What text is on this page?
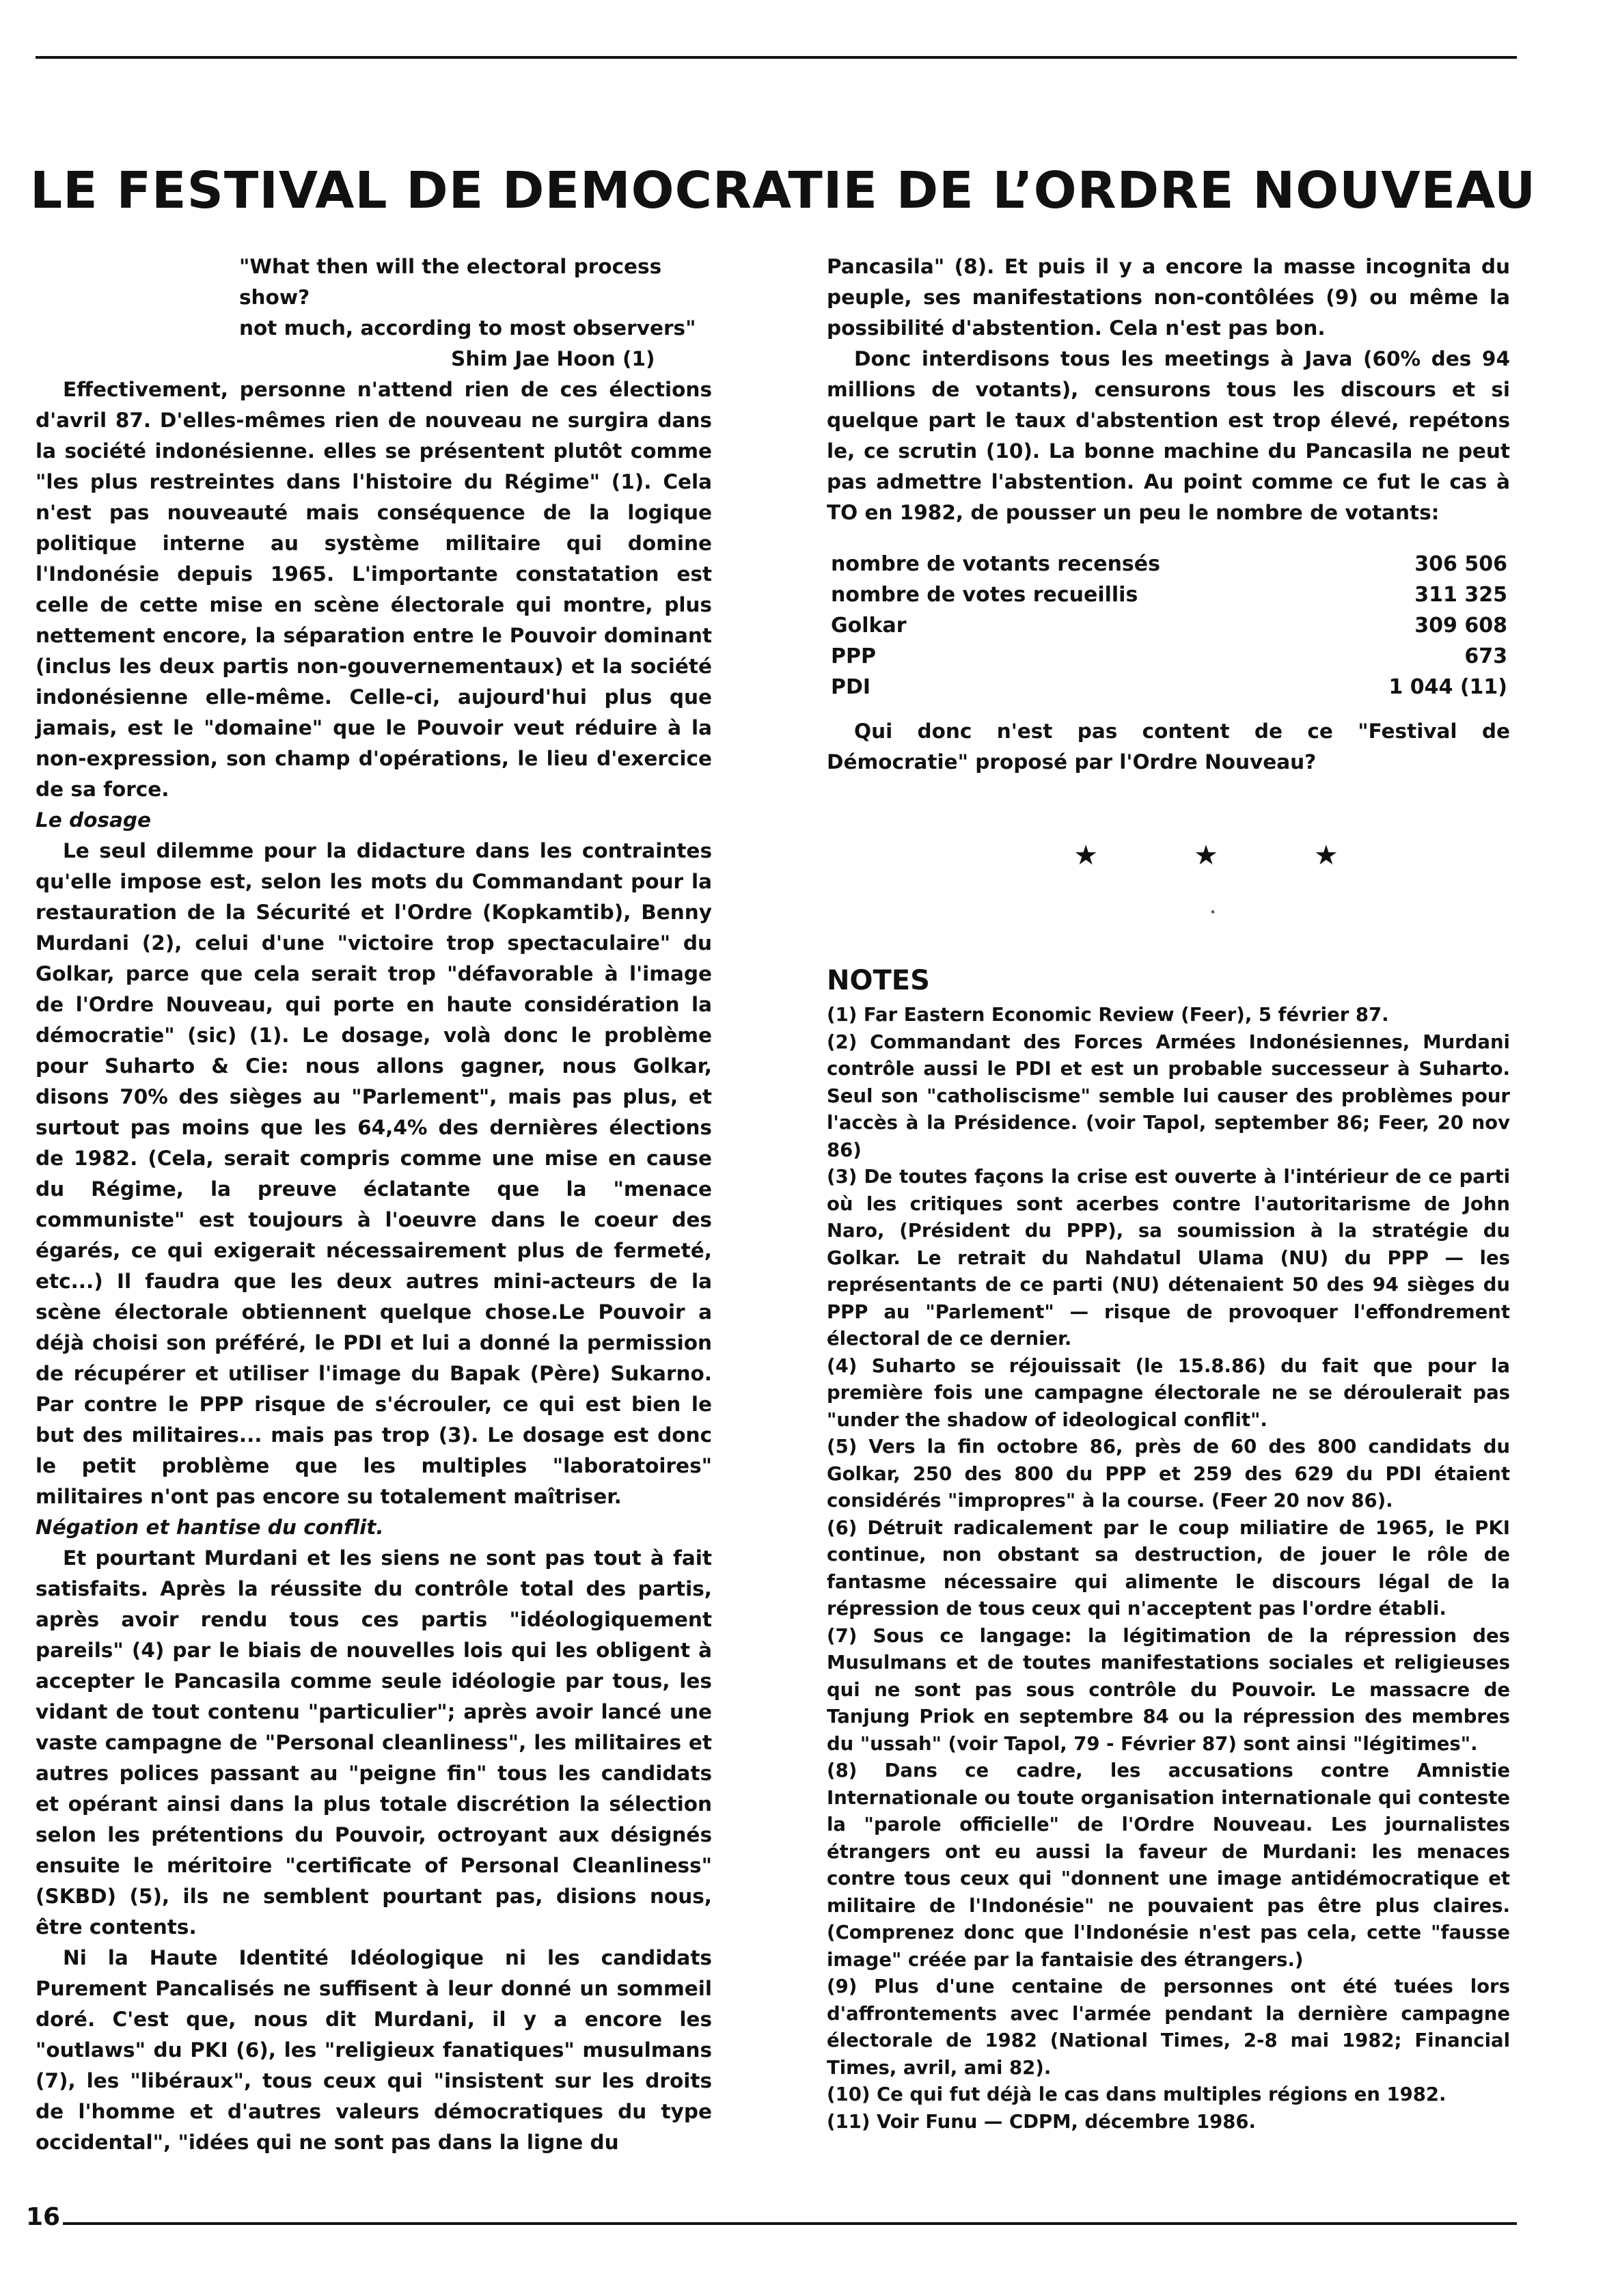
LE FESTIVAL DE DEMOCRATIE DE L’ORDRE NOUVEAU
"What then will the electoral process show?
not much, according to most observers"
Shim Jae Hoon (1)

Effectivement, personne n'attend rien de ces élections d'avril 87. D'elles-mêmes rien de nouveau ne surgira dans la société indonésienne. elles se présentent plutôt comme "les plus restreintes dans l'histoire du Régime" (1). Cela n'est pas nouveauté mais conséquence de la logique politique interne au système militaire qui domine l'Indonésie depuis 1965. L'importante constatation est celle de cette mise en scène électorale qui montre, plus nettement encore, la séparation entre le Pouvoir dominant (inclus les deux partis non-gouvernementaux) et la société indonésienne elle-même. Celle-ci, aujourd'hui plus que jamais, est le "domaine" que le Pouvoir veut réduire à la non-expression, son champ d'opérations, le lieu d'exercice de sa force.

Le dosage

Le seul dilemme pour la didacture dans les contraintes qu'elle impose est, selon les mots du Commandant pour la restauration de la Sécurité et l'Ordre (Kopkamtib), Benny Murdani (2), celui d'une "victoire trop spectaculaire" du Golkar, parce que cela serait trop "défavorable à l'image de l'Ordre Nouveau, qui porte en haute considération la démocratie" (sic) (1). Le dosage, volà donc le problème pour Suharto & Cie: nous allons gagner, nous Golkar, disons 70% des sièges au "Parlement", mais pas plus, et surtout pas moins que les 64,4% des dernières élections de 1982. (Cela, serait compris comme une mise en cause du Régime, la preuve éclatante que la "menace communiste" est toujours à l'oeuvre dans le coeur des égarés, ce qui exigerait nécessairement plus de fermeté, etc...) Il faudra que les deux autres mini-acteurs de la scène électorale obtiennent quelque chose.Le Pouvoir a déjà choisi son préféré, le PDI et lui a donné la permission de récupérer et utiliser l'image du Bapak (Père) Sukarno. Par contre le PPP risque de s'écrouler, ce qui est bien le but des militaires... mais pas trop (3). Le dosage est donc le petit problème que les multiples "laboratoires" militaires n'ont pas encore su totalement maîtriser.

Négation et hantise du conflit.

Et pourtant Murdani et les siens ne sont pas tout à fait satisfaits. Après la réussite du contrôle total des partis, après avoir rendu tous ces partis "idéologiquement pareils" (4) par le biais de nouvelles lois qui les obligent à accepter le Pancasila comme seule idéologie par tous, les vidant de tout contenu "particulier"; après avoir lancé une vaste campagne de "Personal cleanliness", les militaires et autres polices passant au "peigne fin" tous les candidats et opérant ainsi dans la plus totale discrétion la sélection selon les prétentions du Pouvoir, octroyant aux désignés ensuite le méritoire "certificate of Personal Cleanliness" (SKBD) (5), ils ne semblent pourtant pas, disions nous, être contents.

Ni la Haute Identité Idéologique ni les candidats Purement Pancalisés ne suffisent à leur donné un sommeil doré. C'est que, nous dit Murdani, il y a encore les "outlaws" du PKI (6), les "religieux fanatiques" musulmans (7), les "libéraux", tous ceux qui "insistent sur les droits de l'homme et d'autres valeurs démocratiques du type occidental", "idées qui ne sont pas dans la ligne du

Pancasila" (8). Et puis il y a encore la masse incognita du peuple, ses manifestations non-contôlées (9) ou même la possibilité d'abstention. Cela n'est pas bon.

Donc interdisons tous les meetings à Java (60% des 94 millions de votants), censurons tous les discours et si quelque part le taux d'abstention est trop élevé, repétons le, ce scrutin (10). La bonne machine du Pancasila ne peut pas admettre l'abstention. Au point comme ce fut le cas à TO en 1982, de pousser un peu le nombre de votants:

nombre de votants recensés	306 506
nombre de votes recueillis	311 325
Golkar	309 608
PPP	673
PDI	1 044 (11)

Qui donc n'est pas content de ce "Festival de Démocratie" proposé par l'Ordre Nouveau?

★	★	★
·
NOTES
(1) Far Eastern Economic Review (Feer), 5 février 87.
(2) Commandant des Forces Armées Indonésiennes, Murdani contrôle aussi le PDI et est un probable successeur à Suharto. Seul son "catholiscisme" semble lui causer des problèmes pour l'accès à la Présidence. (voir Tapol, september 86; Feer, 20 nov 86)
(3) De toutes façons la crise est ouverte à l'intérieur de ce parti où les critiques sont acerbes contre l'autoritarisme de John Naro, (Président du PPP), sa soumission à la stratégie du Golkar. Le retrait du Nahdatul Ulama (NU) du PPP — les représentants de ce parti (NU) détenaient 50 des 94 sièges du PPP au "Parlement" — risque de provoquer l'effondrement électoral de ce dernier.
(4) Suharto se réjouissait (le 15.8.86) du fait que pour la première fois une campagne électorale ne se déroulerait pas "under the shadow of ideological conflit".
(5) Vers la fin octobre 86, près de 60 des 800 candidats du Golkar, 250 des 800 du PPP et 259 des 629 du PDI étaient considérés "impropres" à la course. (Feer 20 nov 86).
(6) Détruit radicalement par le coup miliatire de 1965, le PKI continue, non obstant sa destruction, de jouer le rôle de fantasme nécessaire qui alimente le discours légal de la répression de tous ceux qui n'acceptent pas l'ordre établi.
(7) Sous ce langage: la légitimation de la répression des Musulmans et de toutes manifestations sociales et religieuses qui ne sont pas sous contrôle du Pouvoir. Le massacre de Tanjung Priok en septembre 84 ou la répression des membres du "ussah" (voir Tapol, 79 - Février 87) sont ainsi "légitimes".
(8) Dans ce cadre, les accusations contre Amnistie Internationale ou toute organisation internationale qui conteste la "parole officielle" de l'Ordre Nouveau. Les journalistes étrangers ont eu aussi la faveur de Murdani: les menaces contre tous ceux qui "donnent une image antidémocratique et militaire de l'Indonésie" ne pouvaient pas être plus claires. (Comprenez donc que l'Indonésie n'est pas cela, cette "fausse image" créée par la fantaisie des étrangers.)
(9) Plus d'une centaine de personnes ont été tuées lors d'affrontements avec l'armée pendant la dernière campagne électorale de 1982 (National Times, 2-8 mai 1982; Financial Times, avril, ami 82).
(10) Ce qui fut déjà le cas dans multiples régions en 1982.
(11) Voir Funu — CDPM, décembre 1986.
16
